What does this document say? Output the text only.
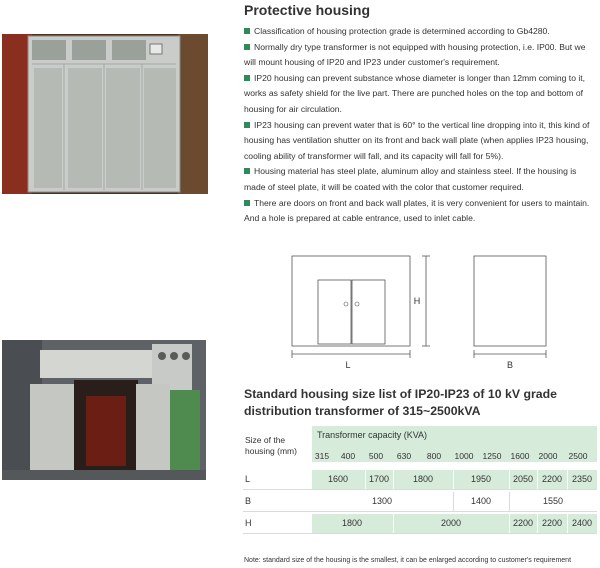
Protective housing

Classification of housing protection grade is determined according to Gb4280.

Normally dry type transformer is not equipped with housing protection, i.e. IP00. But we will mount housing of IP20 and IP23 under customer's requirement.

IP20 housing can prevent substance whose diameter is longer than 12mm coming to it, works as safety shield for the live part. There are punched holes on the top and bottom of housing for air circulation.

IP23 housing can prevent water that is 60° to the vertical line dropping into it, this kind of housing has ventilation shutter on its front and back wall plate (when applies IP23 housing, cooling ability of transformer will fall, and its capacity will fall for 5%).

Housing material has steel plate, aluminum alloy and stainless steel. If the housing is made of steel plate, it will be coated with the color that customer required.

There are doors on front and back wall plates, it is very convenient for users to maintain. And a hole is prepared at cable entrance, used to inlet cable.

L
H
B
Standard housing size list of IP20-IP23 of 10 kV grade distribution transformer of 315~2500kVA
Size of the housing (mm)
Transformer capacity (KVA)
315	400	500	630	800	1000	1250	1600	2000	2500
L	1600	1700	1800	1950	2050 2200	2350
B	1300	1400	1550
H	1800	2000	2200 2200	2400
Note: standard size of the housing is the smallest, it can be enlarged according to customer's requirement
